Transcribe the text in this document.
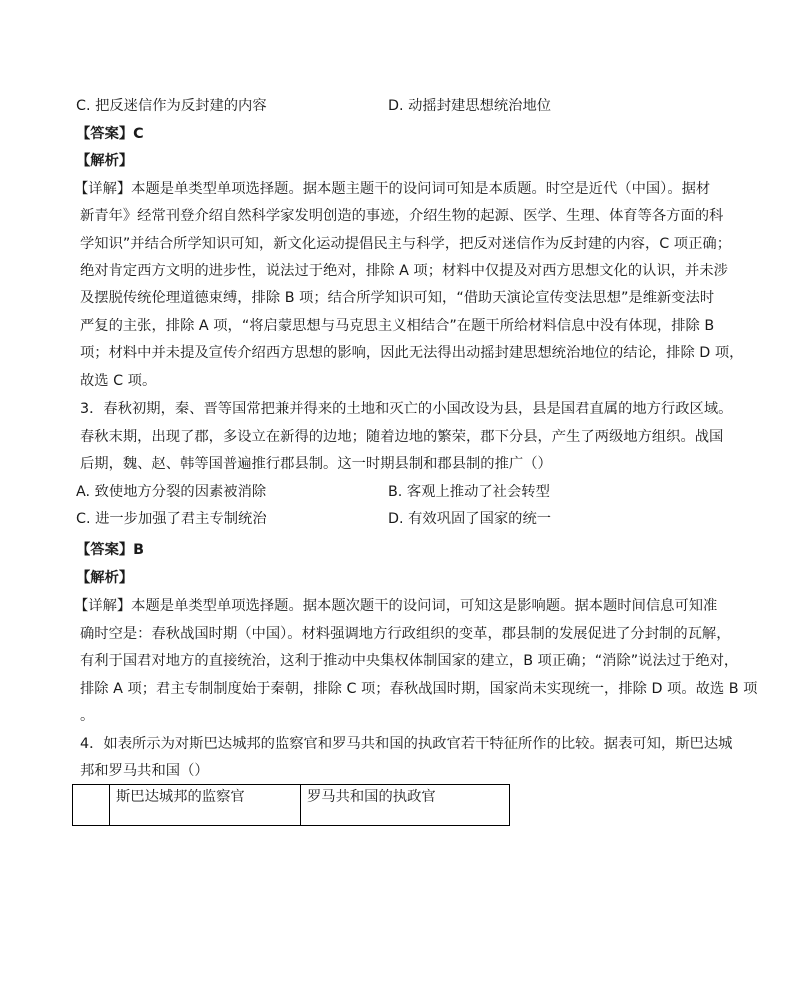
C. 把反迷信作为反封建的内容	D. 动摇封建思想统治地位
【答案】C
【解析】
【详解】本题是单类型单项选择题。据本题主题干的设问词可知是本质题。时空是近代（中国）。据材
新青年》经常刊登介绍自然科学家发明创造的事迹，介绍生物的起源、医学、生理、体育等各方面的科
学知识”并结合所学知识可知，新文化运动提倡民主与科学，把反对迷信作为反封建的内容，C 项正确；
绝对肯定西方文明的进步性，说法过于绝对，排除 A 项；材料中仅提及对西方思想文化的认识，并未涉
及摆脱传统伦理道德束缚，排除 B 项；结合所学知识可知，“借助天演论宣传变法思想”是维新变法时
严复的主张，排除 A 项，“将启蒙思想与马克思主义相结合”在题干所给材料信息中没有体现，排除 B
项；材料中并未提及宣传介绍西方思想的影响，因此无法得出动摇封建思想统治地位的结论，排除 D 项，
故选 C 项。
3．春秋初期，秦、晋等国常把兼并得来的土地和灭亡的小国改设为县，县是国君直属的地方行政区域。
春秋末期，出现了郡，多设立在新得的边地；随着边地的繁荣，郡下分县，产生了两级地方组织。战国
后期，魏、赵、韩等国普遍推行郡县制。这一时期县制和郡县制的推广（）
A. 致使地方分裂的因素被消除	B. 客观上推动了社会转型
C. 进一步加强了君主专制统治	D. 有效巩固了国家的统一
【答案】B
【解析】
【详解】本题是单类型单项选择题。据本题次题干的设问词，可知这是影响题。据本题时间信息可知准
确时空是：春秋战国时期（中国）。材料强调地方行政组织的变革，郡县制的发展促进了分封制的瓦解，
有利于国君对地方的直接统治，这利于推动中央集权体制国家的建立，B 项正确；“消除”说法过于绝对，
排除 A 项；君主专制制度始于秦朝，排除 C 项；春秋战国时期，国家尚未实现统一，排除 D 项。故选 B 项
。
4．如表所示为对斯巴达城邦的监察官和罗马共和国的执政官若干特征所作的比较。据表可知，斯巴达城
邦和罗马共和国（）
	斯巴达城邦的监察官	罗马共和国的执政官
